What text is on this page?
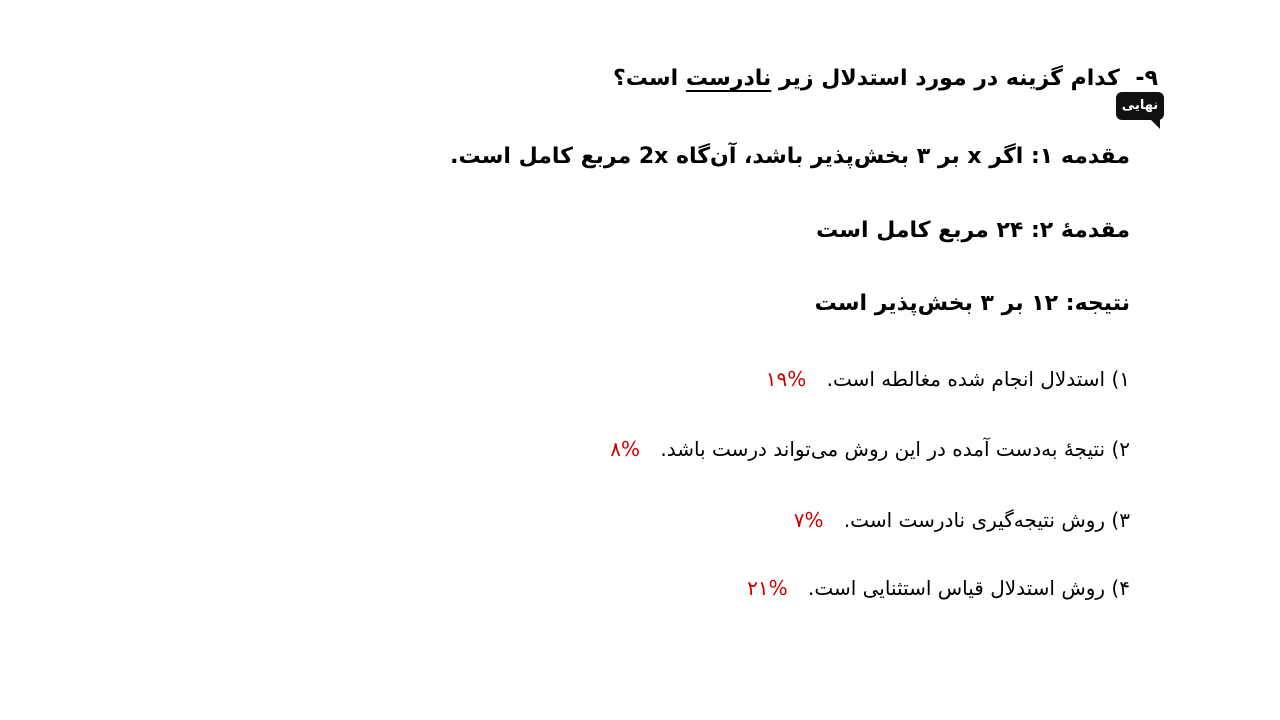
۹- کدام گزینه در مورد استدلال زیر نادرست است؟
نهایی
مقدمه ۱: اگر x بر ۳ بخش‌پذیر باشد، آن‌گاه 2x مربع کامل است.
مقدمهٔ ۲: ۲۴ مربع کامل است
نتیجه: ۱۲ بر ۳ بخش‌پذیر است
۱) استدلال انجام شده مغالطه است. ۱۹%
۲) نتیجهٔ به‌دست آمده در این روش می‌تواند درست باشد. ۸%
۳) روش نتیجه‌گیری نادرست است. ۷%
۴) روش استدلال قیاس استثنایی است. ۲۱%
